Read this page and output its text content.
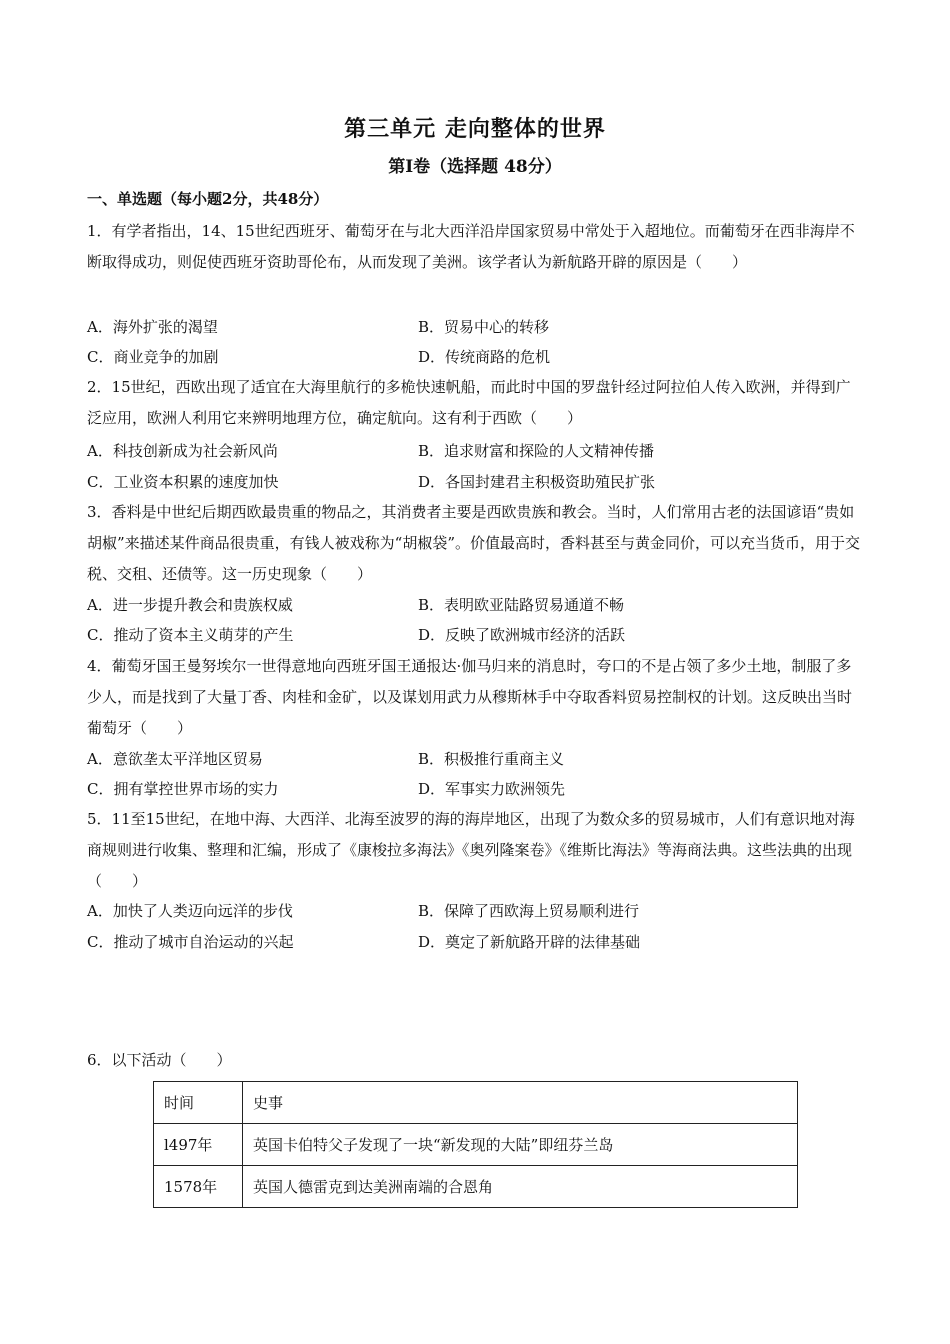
第三单元 走向整体的世界
第I卷（选择题 48分）
一、单选题（每小题2分，共48分）
1．有学者指出，14、15世纪西班牙、葡萄牙在与北大西洋沿岸国家贸易中常处于入超地位。而葡萄牙在西非海岸不断取得成功，则促使西班牙资助哥伦布，从而发现了美洲。该学者认为新航路开辟的原因是（　　）
A．海外扩张的渴望	B．贸易中心的转移
C．商业竞争的加剧	D．传统商路的危机
2．15世纪，西欧出现了适宜在大海里航行的多桅快速帆船，而此时中国的罗盘针经过阿拉伯人传入欧洲，并得到广泛应用，欧洲人利用它来辨明地理方位，确定航向。这有利于西欧（　　）
A．科技创新成为社会新风尚	B．追求财富和探险的人文精神传播
C．工业资本积累的速度加快	D．各国封建君主积极资助殖民扩张
3．香料是中世纪后期西欧最贵重的物品之，其消费者主要是西欧贵族和教会。当时，人们常用古老的法国谚语“贵如胡椒”来描述某件商品很贵重，有钱人被戏称为“胡椒袋”。价值最高时，香料甚至与黄金同价，可以充当货币，用于交税、交租、还债等。这一历史现象（　　）
A．进一步提升教会和贵族权威	B．表明欧亚陆路贸易通道不畅
C．推动了资本主义萌芽的产生	D．反映了欧洲城市经济的活跃
4．葡萄牙国王曼努埃尔一世得意地向西班牙国王通报达·伽马归来的消息时，夸口的不是占领了多少土地，制服了多少人，而是找到了大量丁香、肉桂和金矿，以及谋划用武力从穆斯林手中夺取香料贸易控制权的计划。这反映出当时葡萄牙（　　）
A．意欲垄太平洋地区贸易	B．积极推行重商主义
C．拥有掌控世界市场的实力	D．军事实力欧洲领先
5．11至15世纪，在地中海、大西洋、北海至波罗的海的海岸地区，出现了为数众多的贸易城市，人们有意识地对海商规则进行收集、整理和汇编，形成了《康梭拉多海法》《奥列隆案卷》《维斯比海法》等海商法典。这些法典的出现（　　）
A．加快了人类迈向远洋的步伐	B．保障了西欧海上贸易顺利进行
C．推动了城市自治运动的兴起	D．奠定了新航路开辟的法律基础
6．以下活动（　　）
时间	史事
l497年	英国卡伯特父子发现了一块“新发现的大陆”即纽芬兰岛
1578年	英国人德雷克到达美洲南端的合恩角
